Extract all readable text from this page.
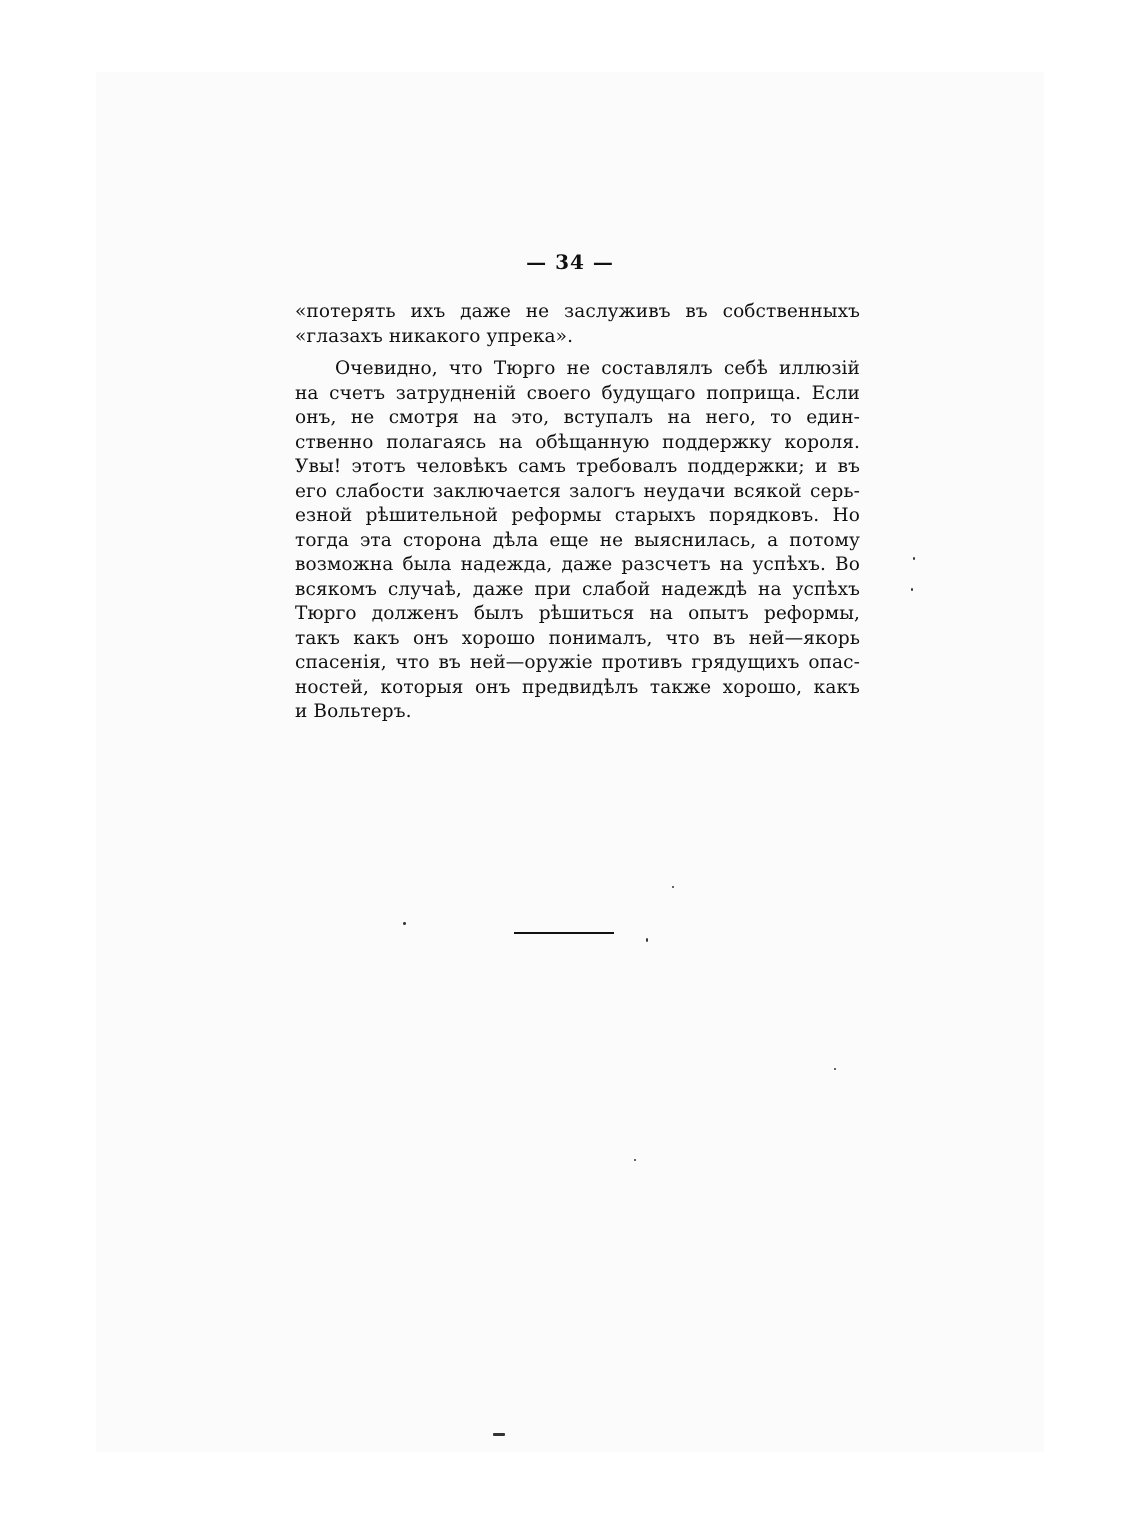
— 34 —
«потерять ихъ даже не заслуживъ въ собственныхъ
«глазахъ никакого упрека».
Очевидно, что Тюрго не составлялъ себѣ иллюзій
на счетъ затрудненій своего будущаго поприща. Если
онъ, не смотря на это, вступалъ на него, то един-
ственно полагаясь на обѣщанную поддержку короля.
Увы! этотъ человѣкъ самъ требовалъ поддержки; и въ
его слабости заключается залогъ неудачи всякой серь-
езной рѣшительной реформы старыхъ порядковъ. Но
тогда эта сторона дѣла еще не выяснилась, а потому
возможна была надежда, даже разсчетъ на успѣхъ. Во
всякомъ случаѣ, даже при слабой надеждѣ на успѣхъ
Тюрго долженъ былъ рѣшиться на опытъ реформы,
такъ какъ онъ хорошо понималъ, что въ ней—якорь
спасенія, что въ ней—оружіе противъ грядущихъ опас-
ностей, которыя онъ предвидѣлъ также хорошо, какъ
и Вольтеръ.
